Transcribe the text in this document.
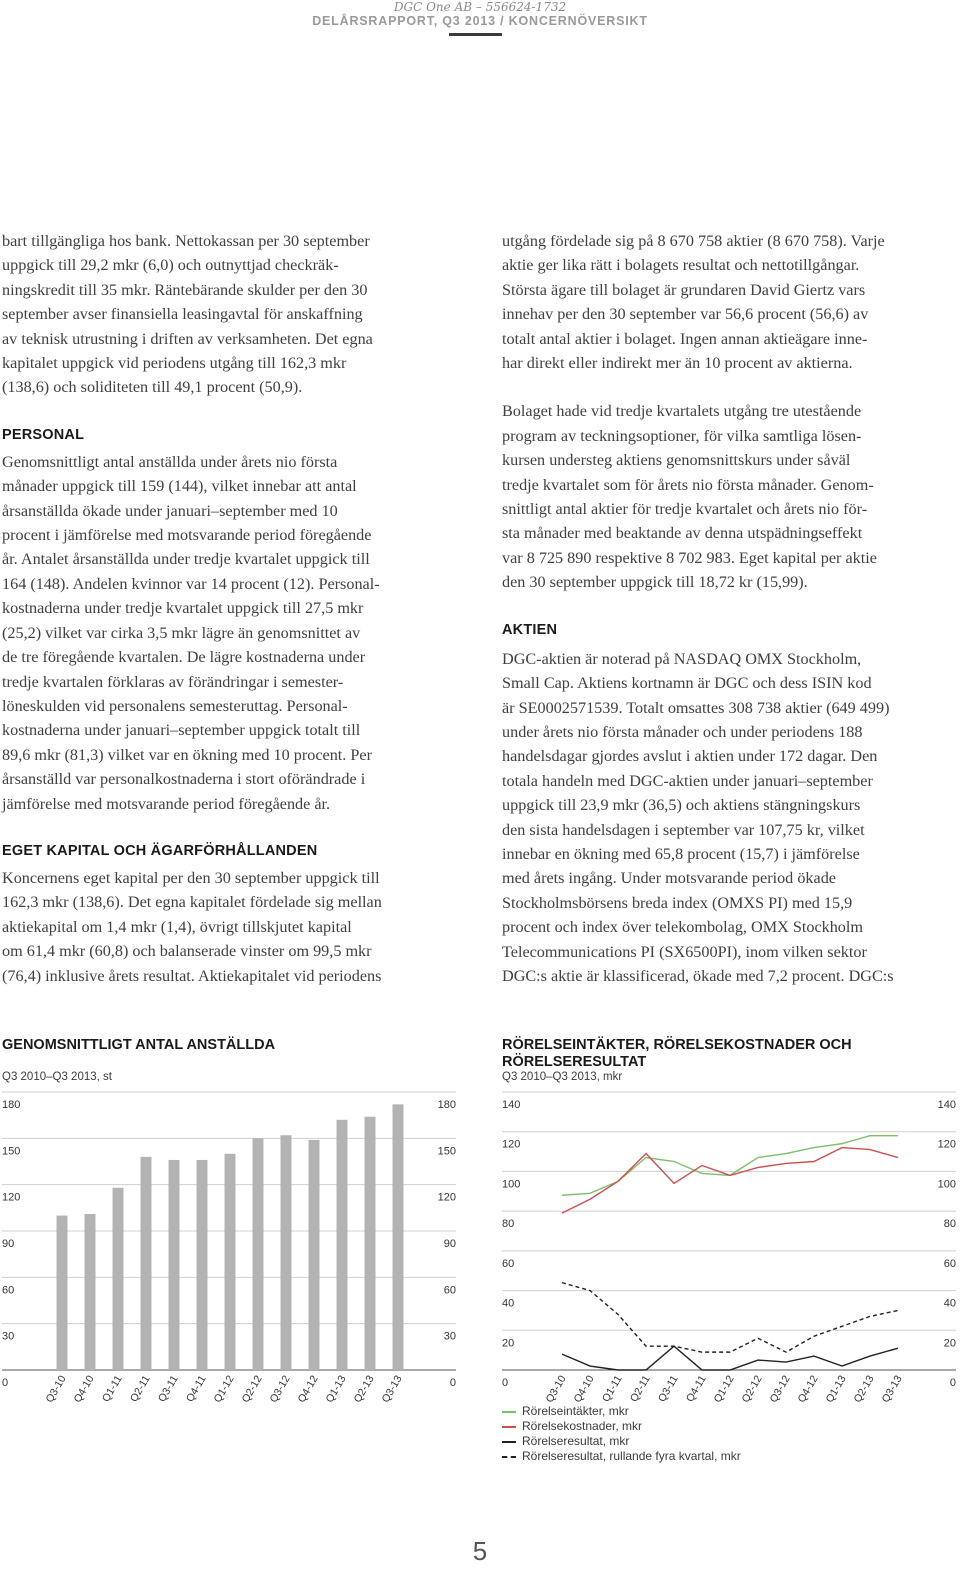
DGC One AB – 556624-1732
DELÅRSRAPPORT, Q3 2013 / KONCERNÖVERSIKT

bart tillgängliga hos bank. Nettokassan per 30 september
uppgick till 29,2 mkr (6,0) och outnyttjad checkräk-
ningskredit till 35 mkr. Räntebärande skulder per den 30
september avser finansiella leasingavtal för anskaffning
av teknisk utrustning i driften av verksamheten. Det egna
kapitalet uppgick vid periodens utgång till 162,3 mkr
(138,6) och soliditeten till 49,1 procent (50,9).

PERSONAL

Genomsnittligt antal anställda under årets nio första
månader uppgick till 159 (144), vilket innebar att antal
årsanställda ökade under januari–september med 10
procent i jämförelse med motsvarande period föregående
år. Antalet årsanställda under tredje kvartalet uppgick till
164 (148). Andelen kvinnor var 14 procent (12). Personal-
kostnaderna under tredje kvartalet uppgick till 27,5 mkr
(25,2) vilket var cirka 3,5 mkr lägre än genomsnittet av
de tre föregående kvartalen. De lägre kostnaderna under
tredje kvartalen förklaras av förändringar i semester-
löneskulden vid personalens semesteruttag. Personal-
kostnaderna under januari–september uppgick totalt till
89,6 mkr (81,3) vilket var en ökning med 10 procent. Per
årsanställd var personalkostnaderna i stort oförändrade i
jämförelse med motsvarande period föregående år.

EGET KAPITAL OCH ÄGARFÖRHÅLLANDEN

Koncernens eget kapital per den 30 september uppgick till
162,3 mkr (138,6). Det egna kapitalet fördelade sig mellan
aktiekapital om 1,4 mkr (1,4), övrigt tillskjutet kapital
om 61,4 mkr (60,8) och balanserade vinster om 99,5 mkr
(76,4) inklusive årets resultat. Aktiekapitalet vid periodens

utgång fördelade sig på 8 670 758 aktier (8 670 758). Varje
aktie ger lika rätt i bolagets resultat och nettotillgångar.
Största ägare till bolaget är grundaren David Giertz vars
innehav per den 30 september var 56,6 procent (56,6) av
totalt antal aktier i bolaget. Ingen annan aktieägare inne-
har direkt eller indirekt mer än 10 procent av aktierna.

Bolaget hade vid tredje kvartalets utgång tre utestående
program av teckningsoptioner, för vilka samtliga lösen-
kursen understeg aktiens genomsnittskurs under såväl
tredje kvartalet som för årets nio första månader. Genom-
snittligt antal aktier för tredje kvartalet och årets nio för-
sta månader med beaktande av denna utspädningseffekt
var 8 725 890 respektive 8 702 983. Eget kapital per aktie
den 30 september uppgick till 18,72 kr (15,99).

AKTIEN

DGC-aktien är noterad på NASDAQ OMX Stockholm,
Small Cap. Aktiens kortnamn är DGC och dess ISIN kod
är SE0002571539. Totalt omsattes 308 738 aktier (649 499)
under årets nio första månader och under periodens 188
handelsdagar gjordes avslut i aktien under 172 dagar. Den
totala handeln med DGC-aktien under januari–september
uppgick till 23,9 mkr (36,5) och aktiens stängningskurs
den sista handelsdagen i september var 107,75 kr, vilket
innebar en ökning med 65,8 procent (15,7) i jämförelse
med årets ingång. Under motsvarande period ökade
Stockholmsbörsens breda index (OMXS PI) med 15,9
procent och index över telekombolag, OMX Stockholm
Telecommunications PI (SX6500PI), inom vilken sektor
DGC:s aktie är klassificerad, ökade med 7,2 procent. DGC:s

GENOMSNITTLIGT ANTAL ANSTÄLLDA
Q3 2010–Q3 2013, st
0	0
30	30
60	60
90	90
120	120
150	150
180	180
Q3-10 Q4-10 Q1-11 Q2-11 Q3-11 Q4-11 Q1-12 Q2-12 Q3-12 Q4-12 Q1-13 Q2-13 Q3-13
RÖRELSEINTÄKTER, RÖRELSEKOSTNADER OCH RÖRELSERESULTAT
Q3 2010–Q3 2013, mkr
0	0
20	20
40	40
60	60
80	80
100	100
120	120
140	140
Q3-10 Q4-10 Q1-11 Q2-11 Q3-11 Q4-11 Q1-12 Q2-12 Q3-12 Q4-12 Q1-13 Q2-13 Q3-13
Rörelseintäkter, mkr
Rörelsekostnader, mkr
Rörelseresultat, mkr
Rörelseresultat, rullande fyra kvartal, mkr
5
